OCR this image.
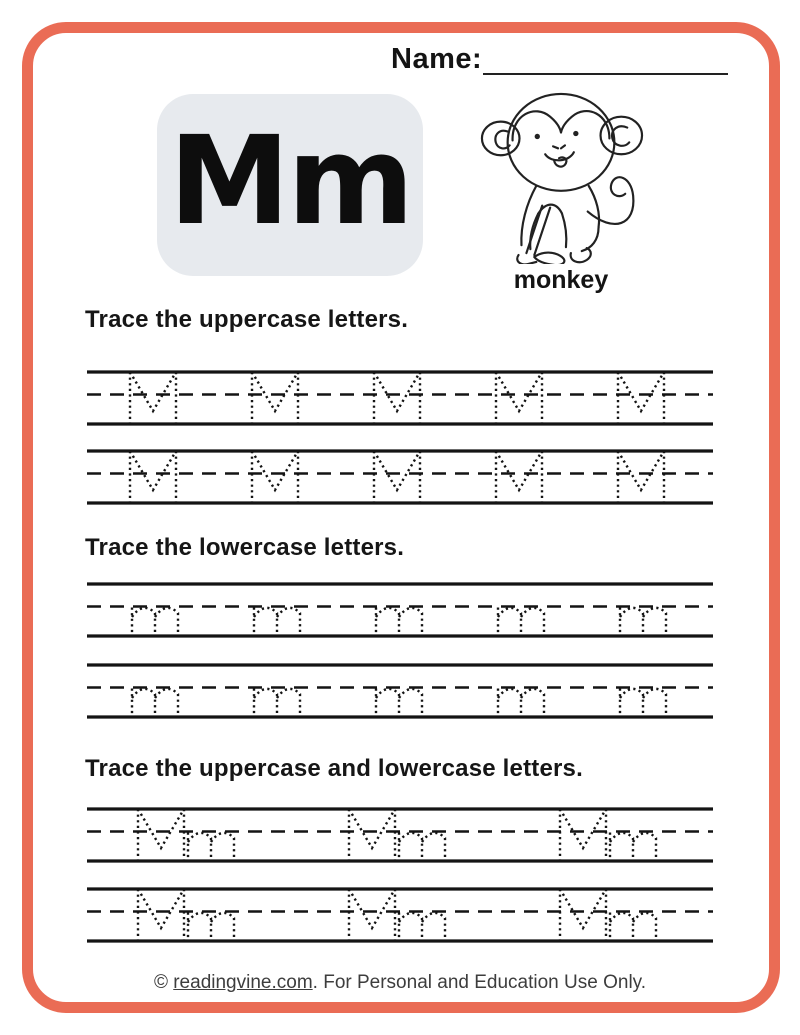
Name:
Mm
monkey
Trace the uppercase letters.
Trace the lowercase letters.
Trace the uppercase and lowercase letters.
© readingvine.com. For Personal and Education Use Only.
